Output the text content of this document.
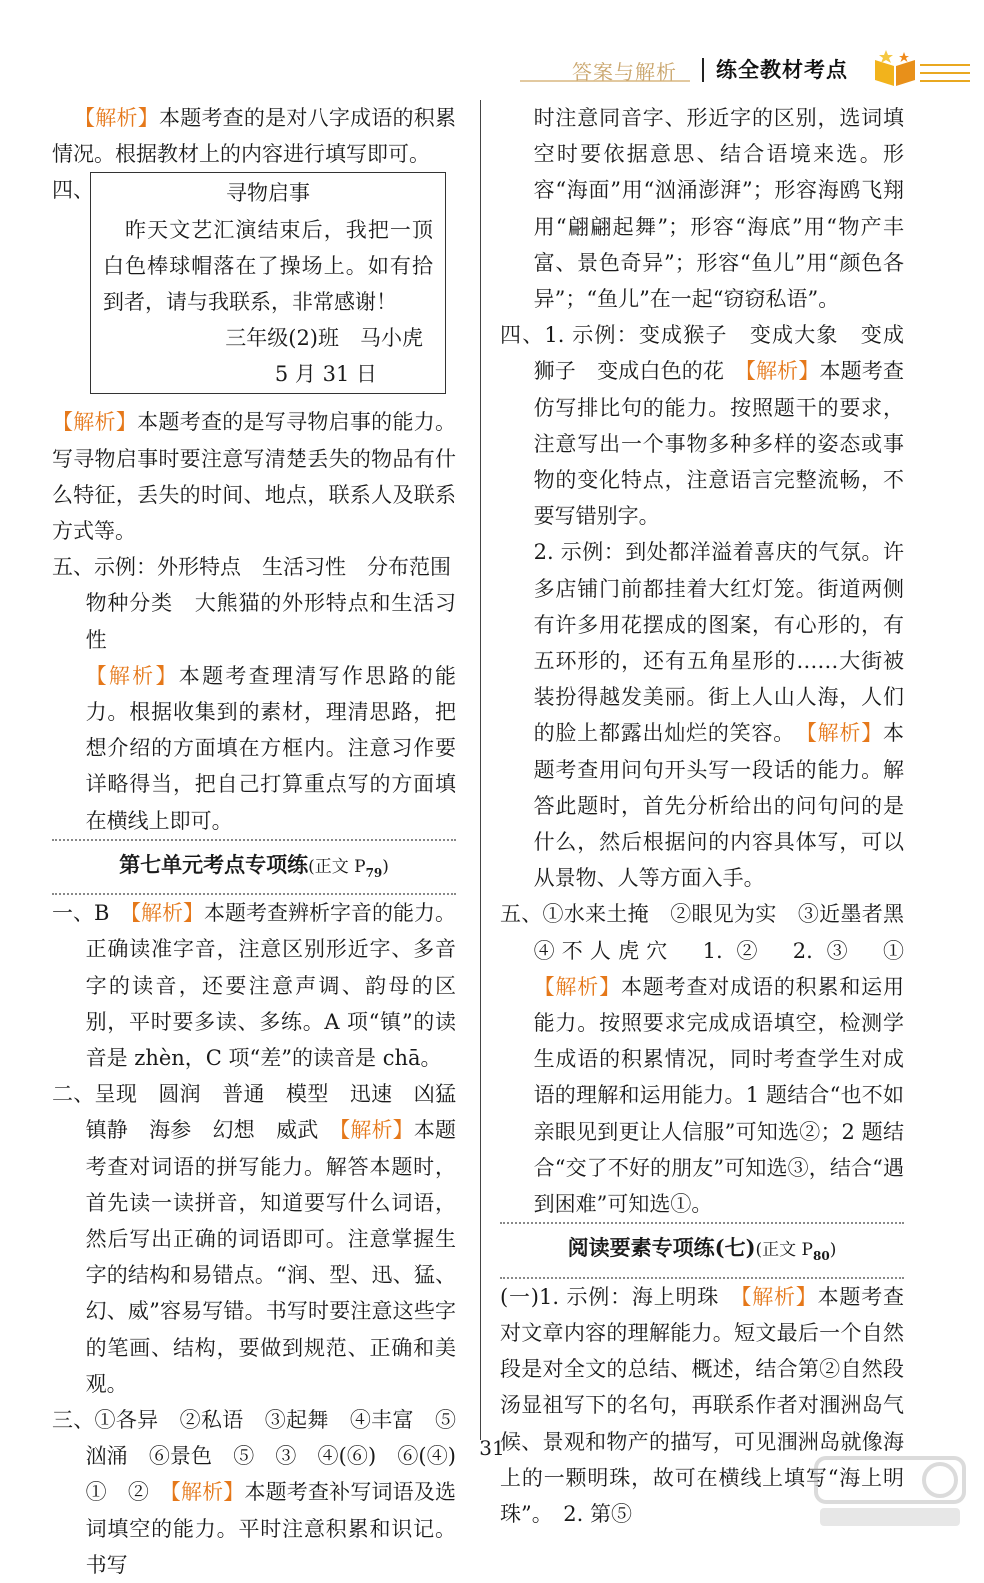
答案与解析 练全教材考点

【解析】本题考查的是对八字成语的积累情况。根据教材上的内容进行填写即可。

四、	寻物启事

昨天文艺汇演结束后，我把一顶白色棒球帽落在了操场上。如有拾到者，请与我联系，非常感谢！

三年级(2)班　马小虎

5 月 31 日

【解析】本题考查的是写寻物启事的能力。写寻物启事时要注意写清楚丢失的物品有什么特征，丢失的时间、地点，联系人及联系方式等。

五、示例：外形特点　生活习性　分布范围

物种分类　大熊猫的外形特点和生活习性

【解析】本题考查理清写作思路的能力。根据收集到的素材，理清思路，把想介绍的方面填在方框内。注意习作要详略得当，把自己打算重点写的方面填在横线上即可。

第七单元考点专项练(正文 $P_{79}$)

一、B　【解析】本题考查辨析字音的能力。正确读准字音，注意区别形近字、多音字的读音，还要注意声调、韵母的区别，平时要多读、多练。A 项“镇”的读音是 zhèn，C 项“差”的读音是 chā。

二、呈现　圆润　普通　模型　迅速　凶猛　镇静　海参　幻想　威武　【解析】本题考查对词语的拼写能力。解答本题时，首先读一读拼音，知道要写什么词语，然后写出正确的词语即可。注意掌握生字的结构和易错点。“润、型、迅、猛、幻、威”容易写错。书写时要注意这些字的笔画、结构，要做到规范、正确和美观。

三、①各异　②私语　③起舞　④丰富　⑤汹涌　⑥景色　⑤　③　④(⑥)　⑥(④)　①　②　【解析】本题考查补写词语及选词填空的能力。平时注意积累和识记。书写

时注意同音字、形近字的区别，选词填空时要依据意思、结合语境来选。形容“海面”用“汹涌澎湃”；形容海鸥飞翔用“翩翩起舞”；形容“海底”用“物产丰富、景色奇异”；形容“鱼儿”用“颜色各异”；“鱼儿”在一起“窃窃私语”。

四、1. 示例：变成猴子　变成大象　变成狮子　变成白色的花　【解析】本题考查仿写排比句的能力。按照题干的要求，注意写出一个事物多种多样的姿态或事物的变化特点，注意语言完整流畅，不要写错别字。

2. 示例：到处都洋溢着喜庆的气氛。许多店铺门前都挂着大红灯笼。街道两侧有许多用花摆成的图案，有心形的，有五环形的，还有五角星形的……大街被装扮得越发美丽。街上人山人海，人们的脸上都露出灿烂的笑容。　【解析】本题考查用问句开头写一段话的能力。解答此题时，首先分析给出的问句问的是什么，然后根据问的内容具体写，可以从景物、人等方面入手。

五、①水来土掩　②眼见为实　③近墨者黑　④不人虎穴　1. ②　2. ③　①　【解析】本题考查对成语的积累和运用能力。按照要求完成成语填空，检测学生成语的积累情况，同时考查学生对成语的理解和运用能力。1 题结合“也不如亲眼见到更让人信服”可知选②；2 题结合“交了不好的朋友”可知选③，结合“遇到困难”可知选①。

阅读要素专项练(七)(正文 $P_{80}$)

(一)1. 示例：海上明珠　【解析】本题考查对文章内容的理解能力。短文最后一个自然段是对全文的总结、概述，结合第②自然段汤显祖写下的名句，再联系作者对涠洲岛气候、景观和物产的描写，可见涠洲岛就像海上的一颗明珠，故可在横线上填写“海上明珠”。　2. 第⑤

31
